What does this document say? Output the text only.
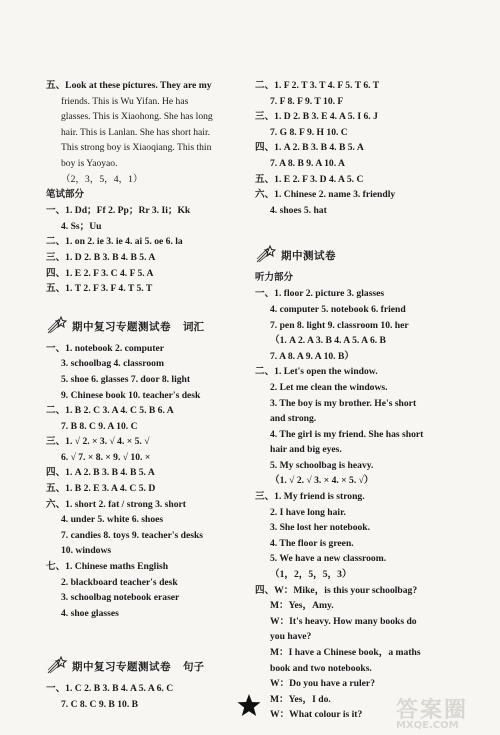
五、Look at these pictures. They are my
friends. This is Wu Yifan. He has
glasses. This is Xiaohong. She has long
hair. This is Lanlan. She has short hair.
This strong boy is Xiaoqiang. This thin
boy is Yaoyao.
（2，3，5，4，1）
笔试部分
一、1. Dd；Ff 2. Pp；Rr 3. Ii；Kk
4. Ss；Uu
二、1. on 2. ie 3. ie 4. ai 5. oe 6. la
三、1. D 2. B 3. B 4. B 5. A
四、1. E 2. F 3. C 4. F 5. A
五、1. T 2. F 3. F 4. T 5. T
期中复习专题测试卷 词汇
一、1. notebook 2. computer
3. schoolbag 4. classroom
5. shoe 6. glasses 7. door 8. light
9. Chinese book 10. teacher's desk
二、1. B 2. C 3. A 4. C 5. B 6. A
7. B 8. C 9. A 10. C
三、1. √ 2. × 3. √ 4. × 5. √
6. √ 7. × 8. × 9. √ 10. ×
四、1. A 2. B 3. B 4. B 5. A
五、1. B 2. E 3. A 4. C 5. D
六、1. short 2. fat / strong 3. short
4. under 5. white 6. shoes
7. candies 8. toys 9. teacher's desks
10. windows
七、1. Chinese maths English
2. blackboard teacher's desk
3. schoolbag notebook eraser
4. shoe glasses
期中复习专题测试卷 句子
一、1. C 2. B 3. B 4. A 5. A 6. C
7. C 8. C 9. B 10. B
二、1. F 2. T 3. T 4. F 5. T 6. T
7. F 8. F 9. T 10. F
三、1. D 2. B 3. E 4. A 5. I 6. J
7. G 8. F 9. H 10. C
四、1. A 2. B 3. B 4. B 5. A
7. A 8. B 9. A 10. A
五、1. E 2. F 3. D 4. A 5. C
六、1. Chinese 2. name 3. friendly
4. shoes 5. hat
期中测试卷
听力部分
一、1. floor 2. picture 3. glasses
4. computer 5. notebook 6. friend
7. pen 8. light 9. classroom 10. her
（1. A 2. A 3. B 4. A 5. A 6. B
7. A 8. A 9. A 10. B）
二、1. Let's open the window.
2. Let me clean the windows.
3. The boy is my brother. He's short
and strong.
4. The girl is my friend. She has short
hair and big eyes.
5. My schoolbag is heavy.
（1. √ 2. √ 3. × 4. × 5. √）
三、1. My friend is strong.
2. I have long hair.
3. She lost her notebook.
4. The floor is green.
5. We have a new classroom.
（1，2，5，5，3）
四、W：Mike，is this your schoolbag?
M：Yes，Amy.
W：It's heavy. How many books do
you have?
M：I have a Chinese book，a maths
book and two notebooks.
W：Do you have a ruler?
M：Yes，I do.
W：What colour is it?	答案圈
MXQE.COM
